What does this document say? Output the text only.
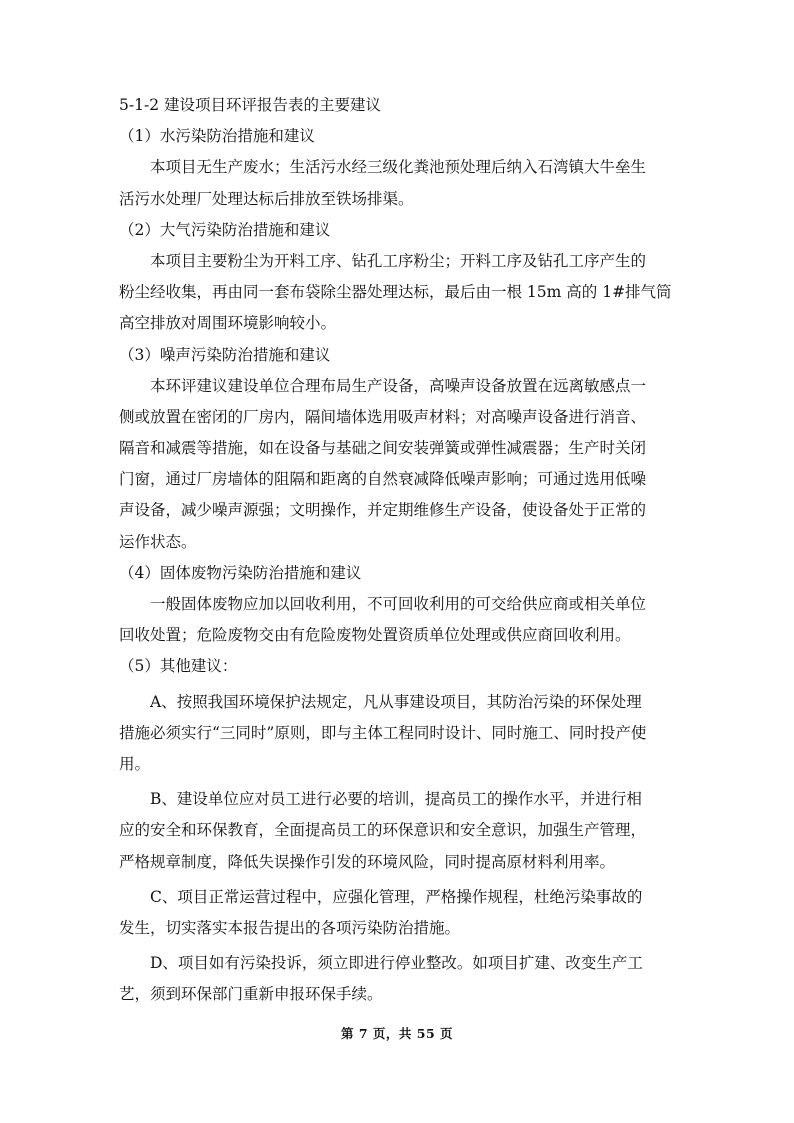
5-1-2 建设项目环评报告表的主要建议
（1）水污染防治措施和建议
本项目无生产废水；生活污水经三级化粪池预处理后纳入石湾镇大牛垒生
活污水处理厂处理达标后排放至铁场排渠。
（2）大气污染防治措施和建议
本项目主要粉尘为开料工序、钻孔工序粉尘；开料工序及钻孔工序产生的
粉尘经收集，再由同一套布袋除尘器处理达标，最后由一根 15m 高的 1#排气筒
高空排放对周围环境影响较小。
（3）噪声污染防治措施和建议
本环评建议建设单位合理布局生产设备，高噪声设备放置在远离敏感点一
侧或放置在密闭的厂房内，隔间墙体选用吸声材料；对高噪声设备进行消音、
隔音和减震等措施，如在设备与基础之间安装弹簧或弹性减震器；生产时关闭
门窗，通过厂房墙体的阻隔和距离的自然衰减降低噪声影响；可通过选用低噪
声设备，减少噪声源强；文明操作，并定期维修生产设备，使设备处于正常的
运作状态。
（4）固体废物污染防治措施和建议
一般固体废物应加以回收利用，不可回收利用的可交给供应商或相关单位
回收处置；危险废物交由有危险废物处置资质单位处理或供应商回收利用。
（5）其他建议：
A、按照我国环境保护法规定，凡从事建设项目，其防治污染的环保处理
措施必须实行“三同时”原则，即与主体工程同时设计、同时施工、同时投产使
用。
B、建设单位应对员工进行必要的培训，提高员工的操作水平，并进行相
应的安全和环保教育，全面提高员工的环保意识和安全意识，加强生产管理，
严格规章制度，降低失误操作引发的环境风险，同时提高原材料利用率。
C、项目正常运营过程中，应强化管理，严格操作规程，杜绝污染事故的
发生，切实落实本报告提出的各项污染防治措施。
D、项目如有污染投诉，须立即进行停业整改。如项目扩建、改变生产工
艺，须到环保部门重新申报环保手续。
第 7 页，共 55 页
